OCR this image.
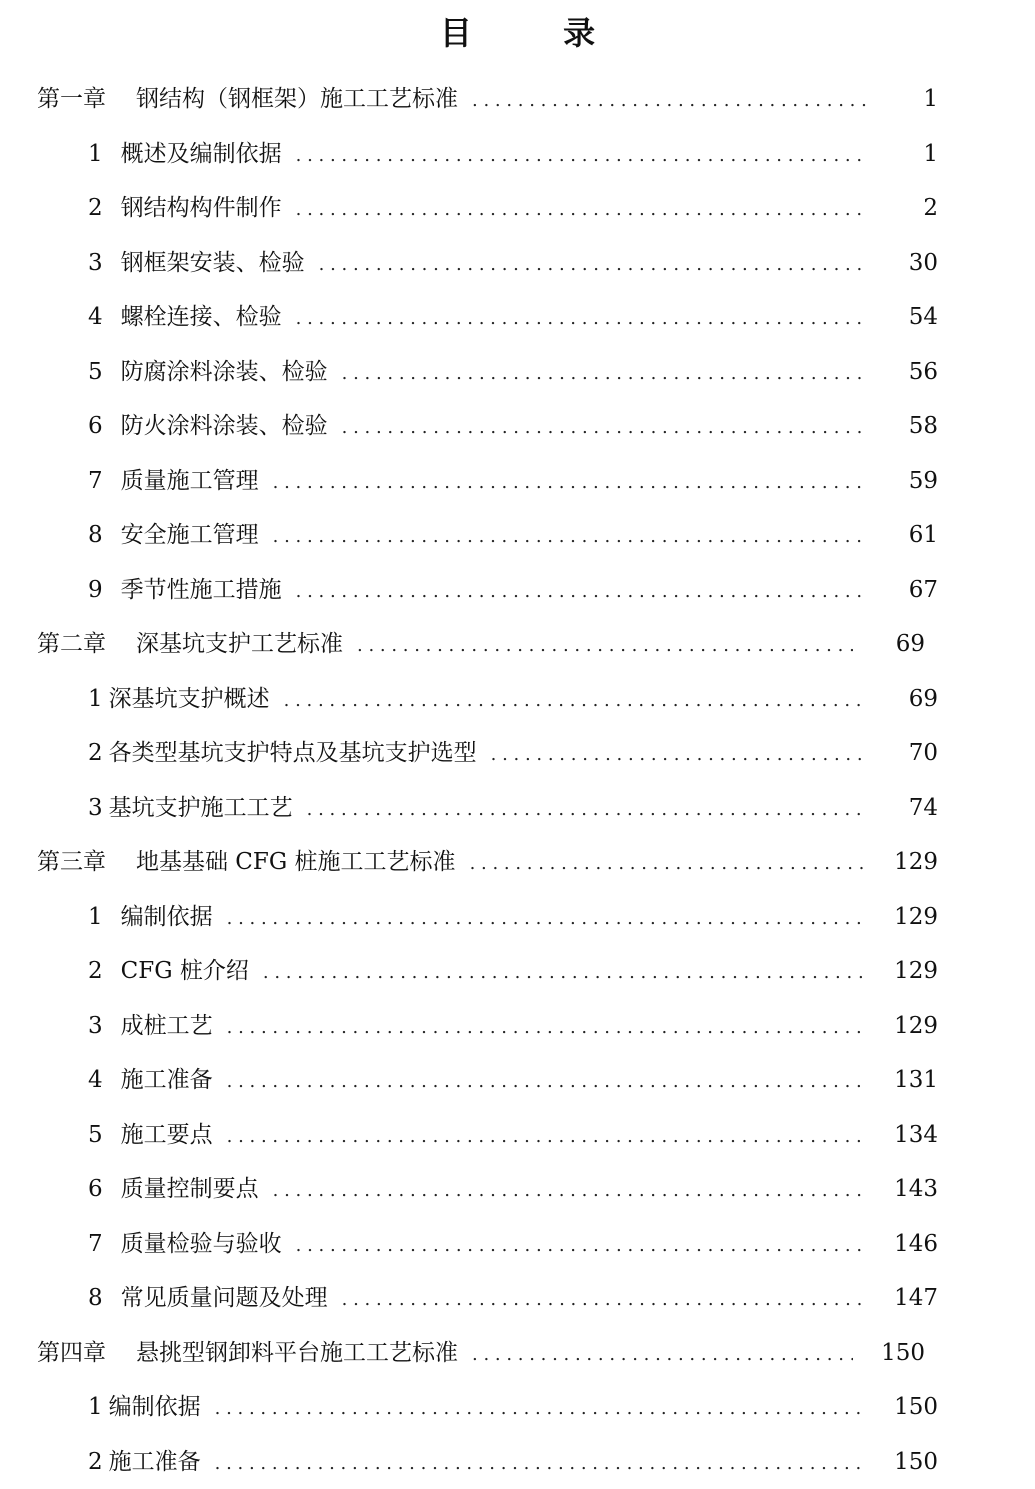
目 录
第一章 钢结构（钢框架）施工工艺标准 . . .	1
1 概述及编制依据 . . .	1
2 钢结构构件制作 . . .	2
3 钢框架安装、检验 . . .	30
4 螺栓连接、检验 . . .	54
5 防腐涂料涂装、检验 . . .	56
6 防火涂料涂装、检验 . . .	58
7 质量施工管理 . . .	59
8 安全施工管理 . . .	61
9 季节性施工措施 . . .	67
第二章 深基坑支护工艺标准 . . .	69
1 深基坑支护概述 . . .	69
2 各类型基坑支护特点及基坑支护选型 . . .	70
3 基坑支护施工工艺 . . .	74
第三章 地基基础 CFG 桩施工工艺标准 . . .	129
1 编制依据 . . .	129
2 CFG 桩介绍 . . .	129
3 成桩工艺 . . .	129
4 施工准备 . . .	131
5 施工要点 . . .	134
6 质量控制要点 . . .	143
7 质量检验与验收 . . .	146
8 常见质量问题及处理 . . .	147
第四章 悬挑型钢卸料平台施工工艺标准 . . .	150
1 编制依据 . . .	150
2 施工准备 . . .	150
